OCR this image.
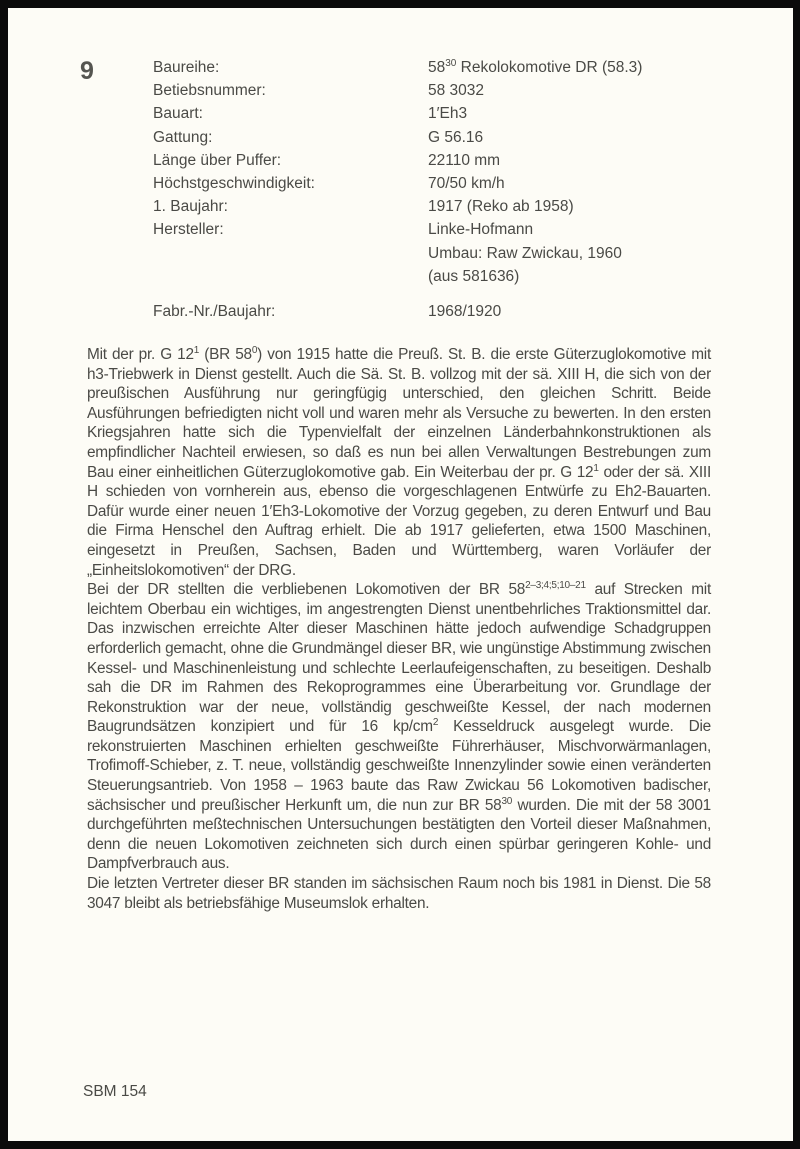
9	Baureihe:	$58^{30}$ Rekolokomotive DR (58.3)
Betiebsnummer:	58 3032
Bauart:	1′Eh3
Gattung:	G 56.16
Länge über Puffer:	22110 mm
Höchstgeschwindigkeit:	70/50 km/h
1. Baujahr:	1917 (Reko ab 1958)
Hersteller:	Linke-Hofmann
Umbau: Raw Zwickau, 1960
(aus 581636)
Fabr.-Nr./Baujahr:	1968/1920

Mit der pr. G $12^1$ (BR $58^0$) von 1915 hatte die Preuß. St. B. die erste Güterzuglokomotive mit h3-Triebwerk in Dienst gestellt. Auch die Sä. St. B. vollzog mit der sä. XIII H, die sich von der preußischen Ausführung nur geringfügig unterschied, den gleichen Schritt. Beide Ausführungen befriedigten nicht voll und waren mehr als Versuche zu bewerten. In den ersten Kriegsjahren hatte sich die Typenvielfalt der einzelnen Länderbahnkonstruktionen als empfindlicher Nachteil erwiesen, so daß es nun bei allen Verwaltungen Bestrebungen zum Bau einer einheitlichen Güterzuglokomotive gab. Ein Weiterbau der pr. G $12^1$ oder der sä. XIII H schieden von vornherein aus, ebenso die vorgeschlagenen Entwürfe zu Eh2-Bauarten. Dafür wurde einer neuen 1′Eh3-Lokomotive der Vorzug gegeben, zu deren Entwurf und Bau die Firma Henschel den Auftrag erhielt. Die ab 1917 gelieferten, etwa 1500 Maschinen, eingesetzt in Preußen, Sachsen, Baden und Württemberg, waren Vorläufer der „Einheitslokomotiven“ der DRG.

Bei der DR stellten die verbliebenen Lokomotiven der BR 58$^{2-3;4;5;10-21}$ auf Strecken mit leichtem Oberbau ein wichtiges, im angestrengten Dienst unentbehrliches Traktionsmittel dar. Das inzwischen erreichte Alter dieser Maschinen hätte jedoch aufwendige Schadgruppen erforderlich gemacht, ohne die Grundmängel dieser BR, wie ungünstige Abstimmung zwischen Kessel- und Maschinenleistung und schlechte Leerlaufeigenschaften, zu beseitigen. Deshalb sah die DR im Rahmen des Rekoprogrammes eine Überarbeitung vor. Grundlage der Rekonstruktion war der neue, vollständig geschweißte Kessel, der nach modernen Baugrundsätzen konzipiert und für 16 $kp/cm^2$ Kesseldruck ausgelegt wurde. Die rekonstruierten Maschinen erhielten geschweißte Führerhäuser, Mischvorwärmanlagen, Trofimoff-Schieber, z. T. neue, vollständig geschweißte Innenzylinder sowie einen veränderten Steuerungsantrieb. Von 1958 – 1963 baute das Raw Zwickau 56 Lokomotiven badischer, sächsischer und preußischer Herkunft um, die nun zur BR $58^{30}$ wurden. Die mit der 58 3001 durchgeführten meßtechnischen Untersuchungen bestätigten den Vorteil dieser Maßnahmen, denn die neuen Lokomotiven zeichneten sich durch einen spürbar geringeren Kohle- und Dampfverbrauch aus.

Die letzten Vertreter dieser BR standen im sächsischen Raum noch bis 1981 in Dienst. Die 58 3047 bleibt als betriebsfähige Museumslok erhalten.

SBM 154
